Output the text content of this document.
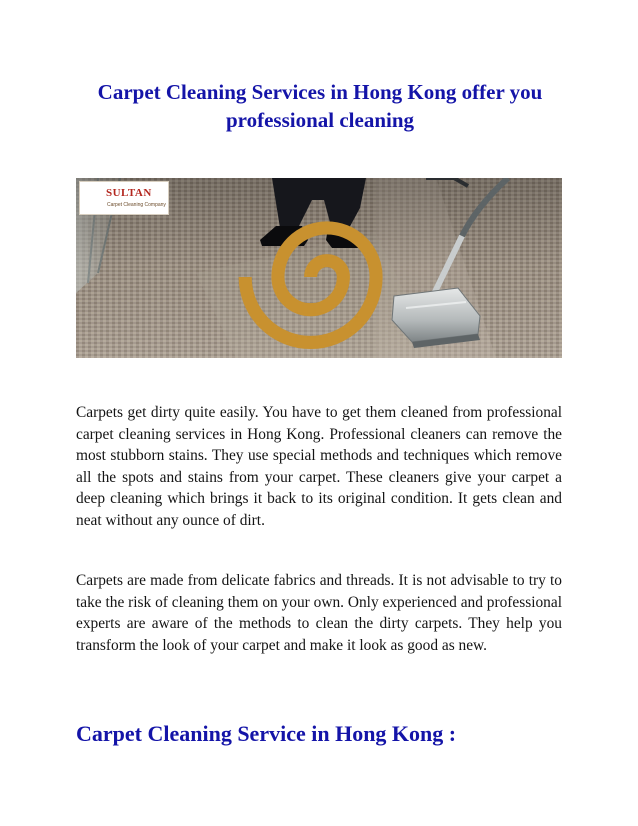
Carpet Cleaning Services in Hong Kong offer you professional cleaning
SULTAN
Carpet Cleaning Company

Carpets get dirty quite easily. You have to get them cleaned from professional carpet cleaning services in Hong Kong. Professional cleaners can remove the most stubborn stains. They use special methods and techniques which remove all the spots and stains from your carpet. These cleaners give your carpet a deep cleaning which brings it back to its original condition. It gets clean and neat without any ounce of dirt.

Carpets are made from delicate fabrics and threads. It is not advisable to try to take the risk of cleaning them on your own. Only experienced and professional experts are aware of the methods to clean the dirty carpets. They help you transform the look of your carpet and make it look as good as new.

Carpet Cleaning Service in Hong Kong :
